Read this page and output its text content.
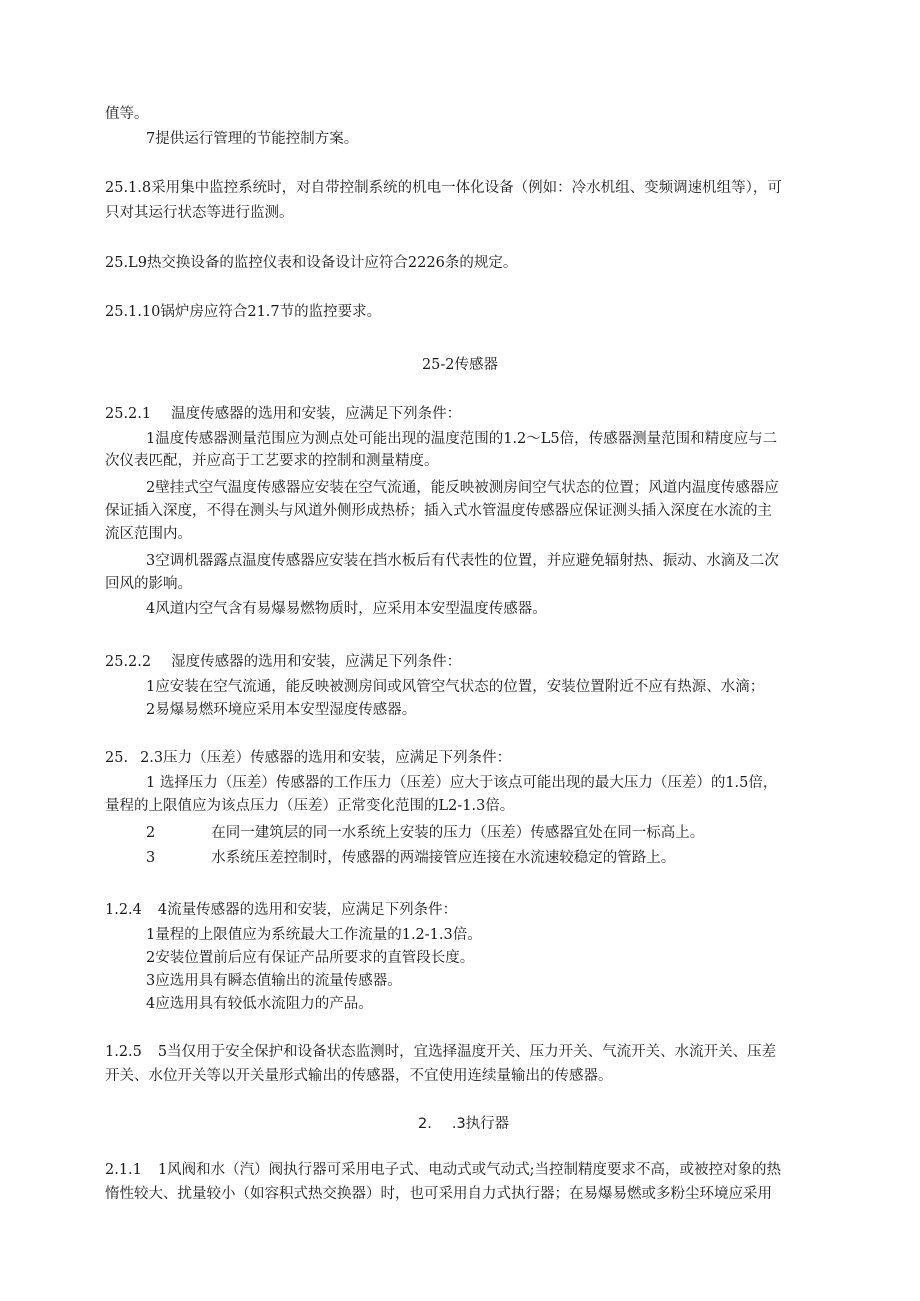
值等。
7提供运行管理的节能控制方案。
25.1.8采用集中监控系统时，对自带控制系统的机电一体化设备（例如：冷水机组、变频调速机组等），可
只对其运行状态等进行监测。
25.L9热交换设备的监控仪表和设备设计应符合2226条的规定。
25.1.10锅炉房应符合21.7节的监控要求。
25-2传感器
25.2.1 温度传感器的选用和安装，应满足下列条件：
1温度传感器测量范围应为测点处可能出现的温度范围的1.2～L5倍，传感器测量范围和精度应与二
次仪表匹配，并应高于工艺要求的控制和测量精度。
2壁挂式空气温度传感器应安装在空气流通，能反映被测房间空气状态的位置；风道内温度传感器应
保证插入深度，不得在测头与风道外侧形成热桥；插入式水管温度传感器应保证测头插入深度在水流的主
流区范围内。
3空调机器露点温度传感器应安装在挡水板后有代表性的位置，并应避免辐射热、振动、水滴及二次
回风的影响。
4风道内空气含有易爆易燃物质时，应采用本安型温度传感器。
25.2.2 湿度传感器的选用和安装，应满足下列条件：
1应安装在空气流通，能反映被测房间或风管空气状态的位置，安装位置附近不应有热源、水滴；
2易爆易燃环境应采用本安型湿度传感器。
25. 2.3压力（压差）传感器的选用和安装，应满足下列条件：
1 选择压力（压差）传感器的工作压力（压差）应大于该点可能出现的最大压力（压差）的1.5倍，
量程的上限值应为该点压力（压差）正常变化范围的L2-1.3倍。
2	在同一建筑层的同一水系统上安装的压力（压差）传感器宜处在同一标高上。
3	水系统压差控制时，传感器的两端接管应连接在水流速较稳定的管路上。
1.2.4 4流量传感器的选用和安装，应满足下列条件：
1量程的上限值应为系统最大工作流量的1.2-1.3倍。
2安装位置前后应有保证产品所要求的直管段长度。
3应选用具有瞬态值输出的流量传感器。
4应选用具有较低水流阻力的产品。
1.2.5 5当仅用于安全保护和设备状态监测时，宜选择温度开关、压力开关、气流开关、水流开关、压差
开关、水位开关等以开关量形式输出的传感器，不宜使用连续量输出的传感器。
2. .3执行器
2.1.1 1风阀和水（汽）阀执行器可采用电子式、电动式或气动式;当控制精度要求不高，或被控对象的热
惰性较大、扰量较小（如容积式热交换器）时，也可采用自力式执行器；在易爆易燃或多粉尘环境应采用
